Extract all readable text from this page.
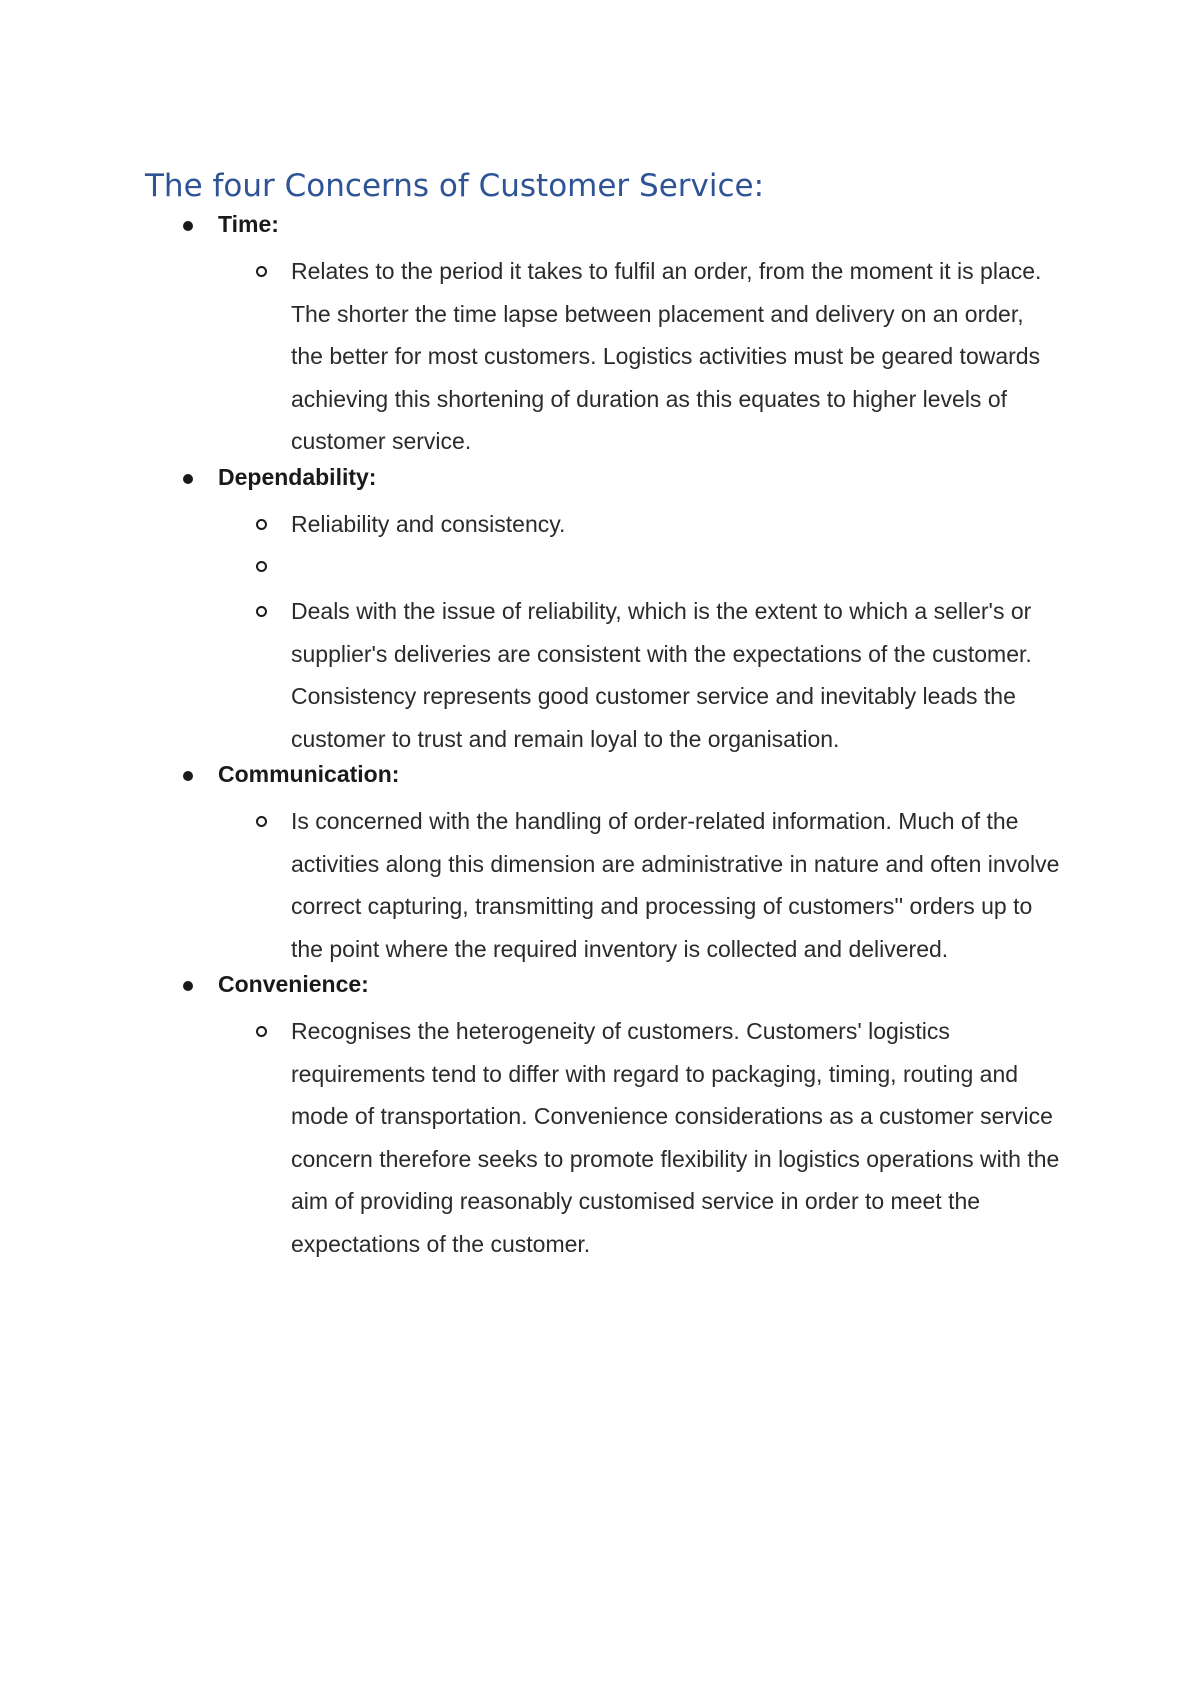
The four Concerns of Customer Service:
Time:
Relates to the period it takes to fulfil an order, from the moment it is place. The shorter the time lapse between placement and delivery on an order, the better for most customers. Logistics activities must be geared towards achieving this shortening of duration as this equates to higher levels of customer service.
Dependability:
Reliability and consistency.
Deals with the issue of reliability, which is the extent to which a seller's or supplier's deliveries are consistent with the expectations of the customer. Consistency represents good customer service and inevitably leads the customer to trust and remain loyal to the organisation.
Communication:
Is concerned with the handling of order-related information. Much of the activities along this dimension are administrative in nature and often involve correct capturing, transmitting and processing of customers'' orders up to the point where the required inventory is collected and delivered.
Convenience:
Recognises the heterogeneity of customers. Customers' logistics requirements tend to differ with regard to packaging, timing, routing and mode of transportation. Convenience considerations as a customer service concern therefore seeks to promote flexibility in logistics operations with the aim of providing reasonably customised service in order to meet the expectations of the customer.
